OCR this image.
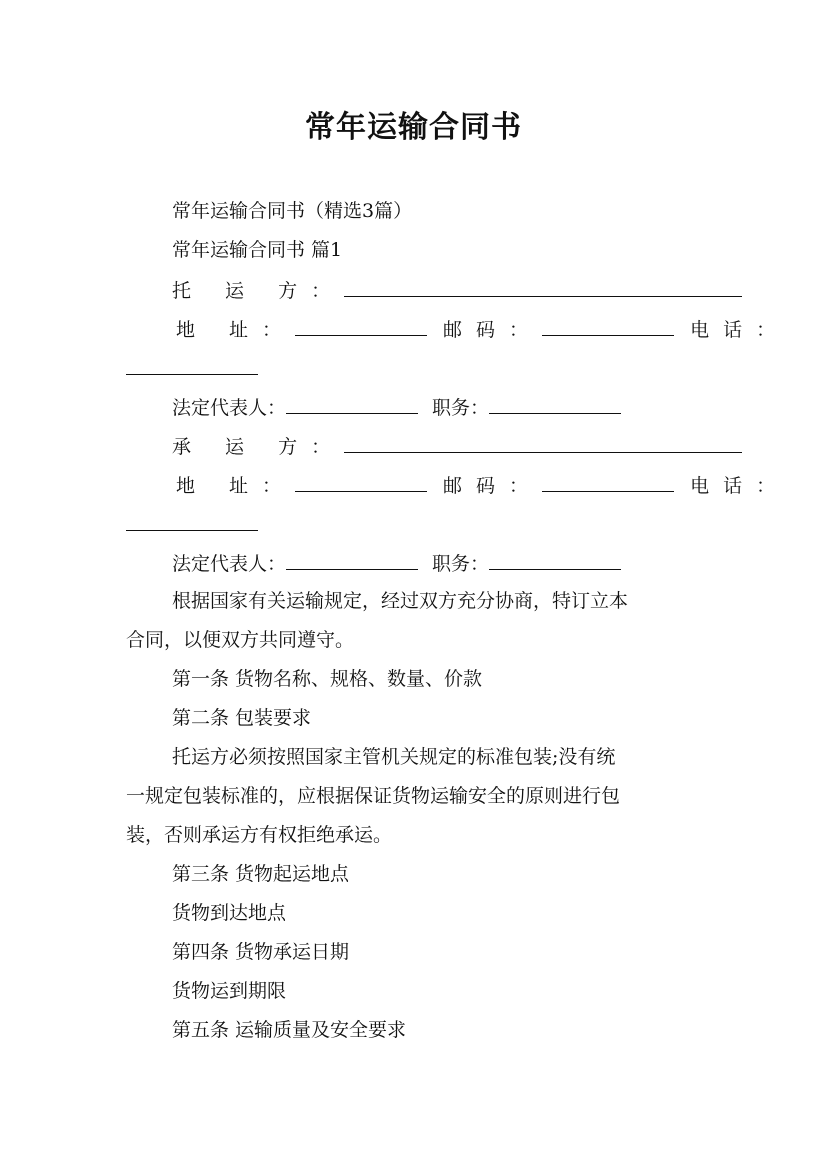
常年运输合同书
常年运输合同书（精选3篇）
常年运输合同书 篇1
托 运 方：
地 址：	邮码：	电话：
法定代表人：	职务：
承 运 方：
地 址：	邮码：	电话：
法定代表人：	职务：
根据国家有关运输规定，经过双方充分协商，特订立本
合同，以便双方共同遵守。
第一条 货物名称、规格、数量、价款
第二条 包装要求
托运方必须按照国家主管机关规定的标准包装;没有统
一规定包装标准的，应根据保证货物运输安全的原则进行包
装，否则承运方有权拒绝承运。
第三条 货物起运地点
货物到达地点
第四条 货物承运日期
货物运到期限
第五条 运输质量及安全要求
